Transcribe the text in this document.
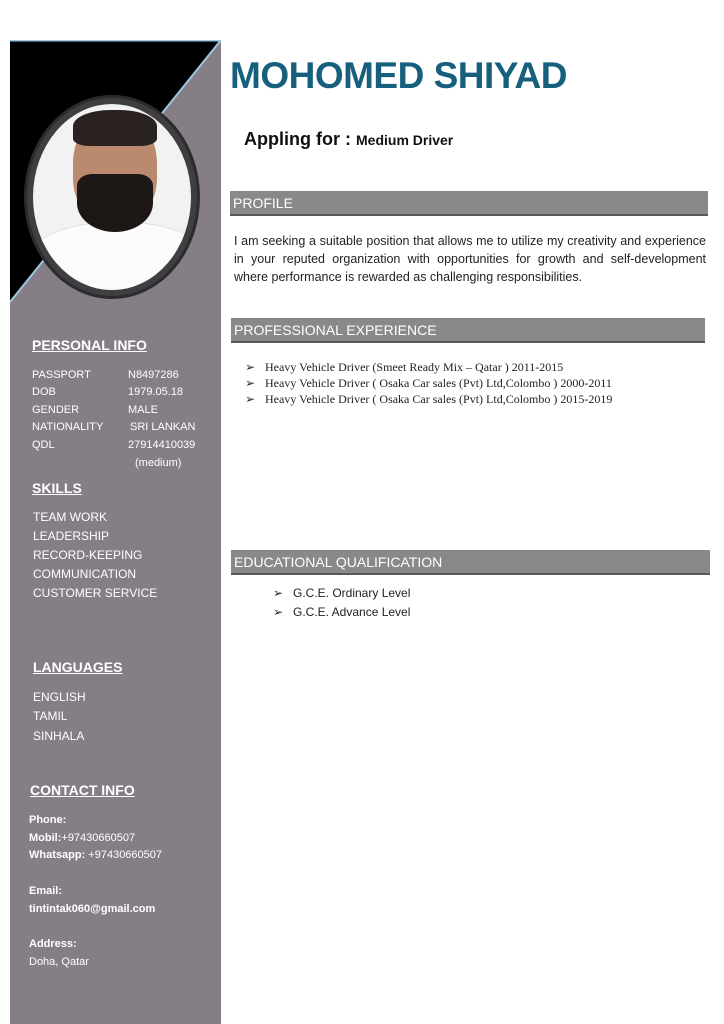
PERSONAL INFO
PASSPORT	N8497286
DOB	1979.05.18
GENDER	MALE
NATIONALITY SRI LANKAN
QDL	27914410039
(medium)
SKILLS
TEAM WORK
LEADERSHIP
RECORD-KEEPING
COMMUNICATION
CUSTOMER SERVICE
LANGUAGES
ENGLISH
TAMIL
SINHALA
CONTACT INFO
Phone:
Mobil:+97430660507
Whatsapp: +97430660507
Email:
tintintak060@gmail.com
Address:
Doha, Qatar
MOHOMED SHIYAD
Appling for : Medium Driver
PROFILE
I am seeking a suitable position that allows me to utilize my creativity and experience in your reputed organization with opportunities for growth and self-development where performance is rewarded as challenging responsibilities.
PROFESSIONAL EXPERIENCE
➢ Heavy Vehicle Driver (Smeet Ready Mix – Qatar ) 2011-2015
➢ Heavy Vehicle Driver ( Osaka Car sales (Pvt) Ltd,Colombo ) 2000-2011
➢ Heavy Vehicle Driver ( Osaka Car sales (Pvt) Ltd,Colombo ) 2015-2019
EDUCATIONAL QUALIFICATION
➢ G.C.E. Ordinary Level
➢ G.C.E. Advance Level
